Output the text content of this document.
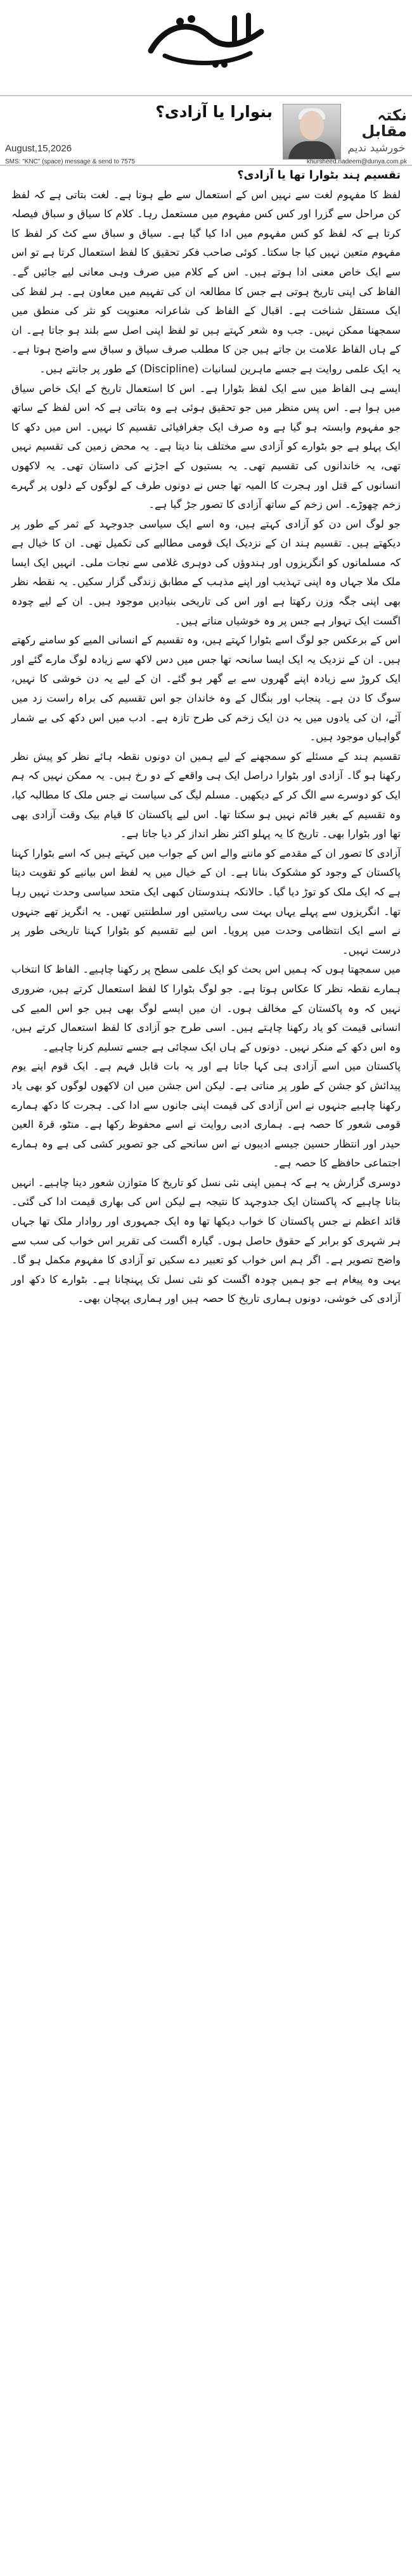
نکتہ مقابل
خورشید ندیم
بنوارا یا آزادی؟
August,15,2026
SMS: "KNC" (space) message & send to 7575	khursheed.nadeem@dunya.com.pk

تقسیم ہند بٹوارا تھا یا آزادی؟

لفظ کا مفہوم لغت سے نہیں اس کے استعمال سے طے ہوتا ہے۔ لغت بتاتی ہے کہ لفظ کن مراحل سے گزرا اور کس کس مفہوم میں مستعمل رہا۔ کلام کا سیاق و سباق فیصلہ کرتا ہے کہ لفظ کو کس مفہوم میں ادا کیا گیا ہے۔ سیاق و سباق سے کٹ کر لفظ کا مفہوم متعین نہیں کیا جا سکتا۔ کوئی صاحب فکر تحقیق کا لفظ استعمال کرتا ہے تو اس سے ایک خاص معنی ادا ہوتے ہیں۔ اس کے کلام میں صرف وہی معانی لیے جائیں گے۔ الفاظ کی اپنی تاریخ ہوتی ہے جس کا مطالعہ ان کی تفہیم میں معاون ہے۔ ہر لفظ کی ایک مستقل شناخت ہے۔ اقبال کے الفاظ کی شاعرانہ معنویت کو نثر کی منطق میں سمجھنا ممکن نہیں۔ جب وہ شعر کہتے ہیں تو لفظ اپنی اصل سے بلند ہو جاتا ہے۔ ان کے ہاں الفاظ علامت بن جاتے ہیں جن کا مطلب صرف سیاق و سباق سے واضح ہوتا ہے۔ یہ ایک علمی روایت ہے جسے ماہرین لسانیات (Discipline) کے طور پر جانتے ہیں۔

ایسے ہی الفاظ میں سے ایک لفظ بٹوارا ہے۔ اس کا استعمال تاریخ کے ایک خاص سیاق میں ہوا ہے۔ اس پس منظر میں جو تحقیق ہوئی ہے وہ بتاتی ہے کہ اس لفظ کے ساتھ جو مفہوم وابستہ ہو گیا ہے وہ صرف ایک جغرافیائی تقسیم کا نہیں۔ اس میں دکھ کا ایک پہلو ہے جو بٹوارے کو آزادی سے مختلف بنا دیتا ہے۔ یہ محض زمین کی تقسیم نہیں تھی، یہ خاندانوں کی تقسیم تھی۔ یہ بستیوں کے اجڑنے کی داستان تھی۔ یہ لاکھوں انسانوں کے قتل اور ہجرت کا المیہ تھا جس نے دونوں طرف کے لوگوں کے دلوں پر گہرے زخم چھوڑے۔ اس زخم کے ساتھ آزادی کا تصور جڑ گیا ہے۔

جو لوگ اس دن کو آزادی کہتے ہیں، وہ اسے ایک سیاسی جدوجہد کے ثمر کے طور پر دیکھتے ہیں۔ تقسیم ہند ان کے نزدیک ایک قومی مطالبے کی تکمیل تھی۔ ان کا خیال ہے کہ مسلمانوں کو انگریزوں اور ہندوؤں کی دوہری غلامی سے نجات ملی۔ انہیں ایک ایسا ملک ملا جہاں وہ اپنی تہذیب اور اپنے مذہب کے مطابق زندگی گزار سکیں۔ یہ نقطہ نظر بھی اپنی جگہ وزن رکھتا ہے اور اس کی تاریخی بنیادیں موجود ہیں۔ ان کے لیے چودہ اگست ایک تہوار ہے جس پر وہ خوشیاں مناتے ہیں۔

اس کے برعکس جو لوگ اسے بٹوارا کہتے ہیں، وہ تقسیم کے انسانی المیے کو سامنے رکھتے ہیں۔ ان کے نزدیک یہ ایک ایسا سانحہ تھا جس میں دس لاکھ سے زیادہ لوگ مارے گئے اور ایک کروڑ سے زیادہ اپنے گھروں سے بے گھر ہو گئے۔ ان کے لیے یہ دن خوشی کا نہیں، سوگ کا دن ہے۔ پنجاب اور بنگال کے وہ خاندان جو اس تقسیم کی براہ راست زد میں آئے، ان کی یادوں میں یہ دن ایک زخم کی طرح تازہ ہے۔ ادب میں اس دکھ کی بے شمار گواہیاں موجود ہیں۔

تقسیم ہند کے مسئلے کو سمجھنے کے لیے ہمیں ان دونوں نقطہ ہائے نظر کو پیش نظر رکھنا ہو گا۔ آزادی اور بٹوارا دراصل ایک ہی واقعے کے دو رخ ہیں۔ یہ ممکن نہیں کہ ہم ایک کو دوسرے سے الگ کر کے دیکھیں۔ مسلم لیگ کی سیاست نے جس ملک کا مطالبہ کیا، وہ تقسیم کے بغیر قائم نہیں ہو سکتا تھا۔ اس لیے پاکستان کا قیام بیک وقت آزادی بھی تھا اور بٹوارا بھی۔ تاریخ کا یہ پہلو اکثر نظر انداز کر دیا جاتا ہے۔

آزادی کا تصور ان کے مقدمے کو ماننے والے اس کے جواب میں کہتے ہیں کہ اسے بٹوارا کہنا پاکستان کے وجود کو مشکوک بنانا ہے۔ ان کے خیال میں یہ لفظ اس بیانیے کو تقویت دیتا ہے کہ ایک ملک کو توڑ دیا گیا۔ حالانکہ ہندوستان کبھی ایک متحد سیاسی وحدت نہیں رہا تھا۔ انگریزوں سے پہلے یہاں بہت سی ریاستیں اور سلطنتیں تھیں۔ یہ انگریز تھے جنہوں نے اسے ایک انتظامی وحدت میں پرویا۔ اس لیے تقسیم کو بٹوارا کہنا تاریخی طور پر درست نہیں۔

میں سمجھتا ہوں کہ ہمیں اس بحث کو ایک علمی سطح پر رکھنا چاہیے۔ الفاظ کا انتخاب ہمارے نقطہ نظر کا عکاس ہوتا ہے۔ جو لوگ بٹوارا کا لفظ استعمال کرتے ہیں، ضروری نہیں کہ وہ پاکستان کے مخالف ہوں۔ ان میں ایسے لوگ بھی ہیں جو اس المیے کی انسانی قیمت کو یاد رکھنا چاہتے ہیں۔ اسی طرح جو آزادی کا لفظ استعمال کرتے ہیں، وہ اس دکھ کے منکر نہیں۔ دونوں کے ہاں ایک سچائی ہے جسے تسلیم کرنا چاہیے۔

پاکستان میں اسے آزادی ہی کہا جاتا ہے اور یہ بات قابل فہم ہے۔ ایک قوم اپنے یوم پیدائش کو جشن کے طور پر مناتی ہے۔ لیکن اس جشن میں ان لاکھوں لوگوں کو بھی یاد رکھنا چاہیے جنہوں نے اس آزادی کی قیمت اپنی جانوں سے ادا کی۔ ہجرت کا دکھ ہمارے قومی شعور کا حصہ ہے۔ ہماری ادبی روایت نے اسے محفوظ رکھا ہے۔ منٹو، قرۃ العین حیدر اور انتظار حسین جیسے ادیبوں نے اس سانحے کی جو تصویر کشی کی ہے وہ ہمارے اجتماعی حافظے کا حصہ ہے۔

دوسری گزارش یہ ہے کہ ہمیں اپنی نئی نسل کو تاریخ کا متوازن شعور دینا چاہیے۔ انہیں بتانا چاہیے کہ پاکستان ایک جدوجہد کا نتیجہ ہے لیکن اس کی بھاری قیمت ادا کی گئی۔ قائد اعظم نے جس پاکستان کا خواب دیکھا تھا وہ ایک جمہوری اور روادار ملک تھا جہاں ہر شہری کو برابر کے حقوق حاصل ہوں۔ گیارہ اگست کی تقریر اس خواب کی سب سے واضح تصویر ہے۔ اگر ہم اس خواب کو تعبیر دے سکیں تو آزادی کا مفہوم مکمل ہو گا۔ یہی وہ پیغام ہے جو ہمیں چودہ اگست کو نئی نسل تک پہنچانا ہے۔ بٹوارے کا دکھ اور آزادی کی خوشی، دونوں ہماری تاریخ کا حصہ ہیں اور ہماری پہچان بھی۔
